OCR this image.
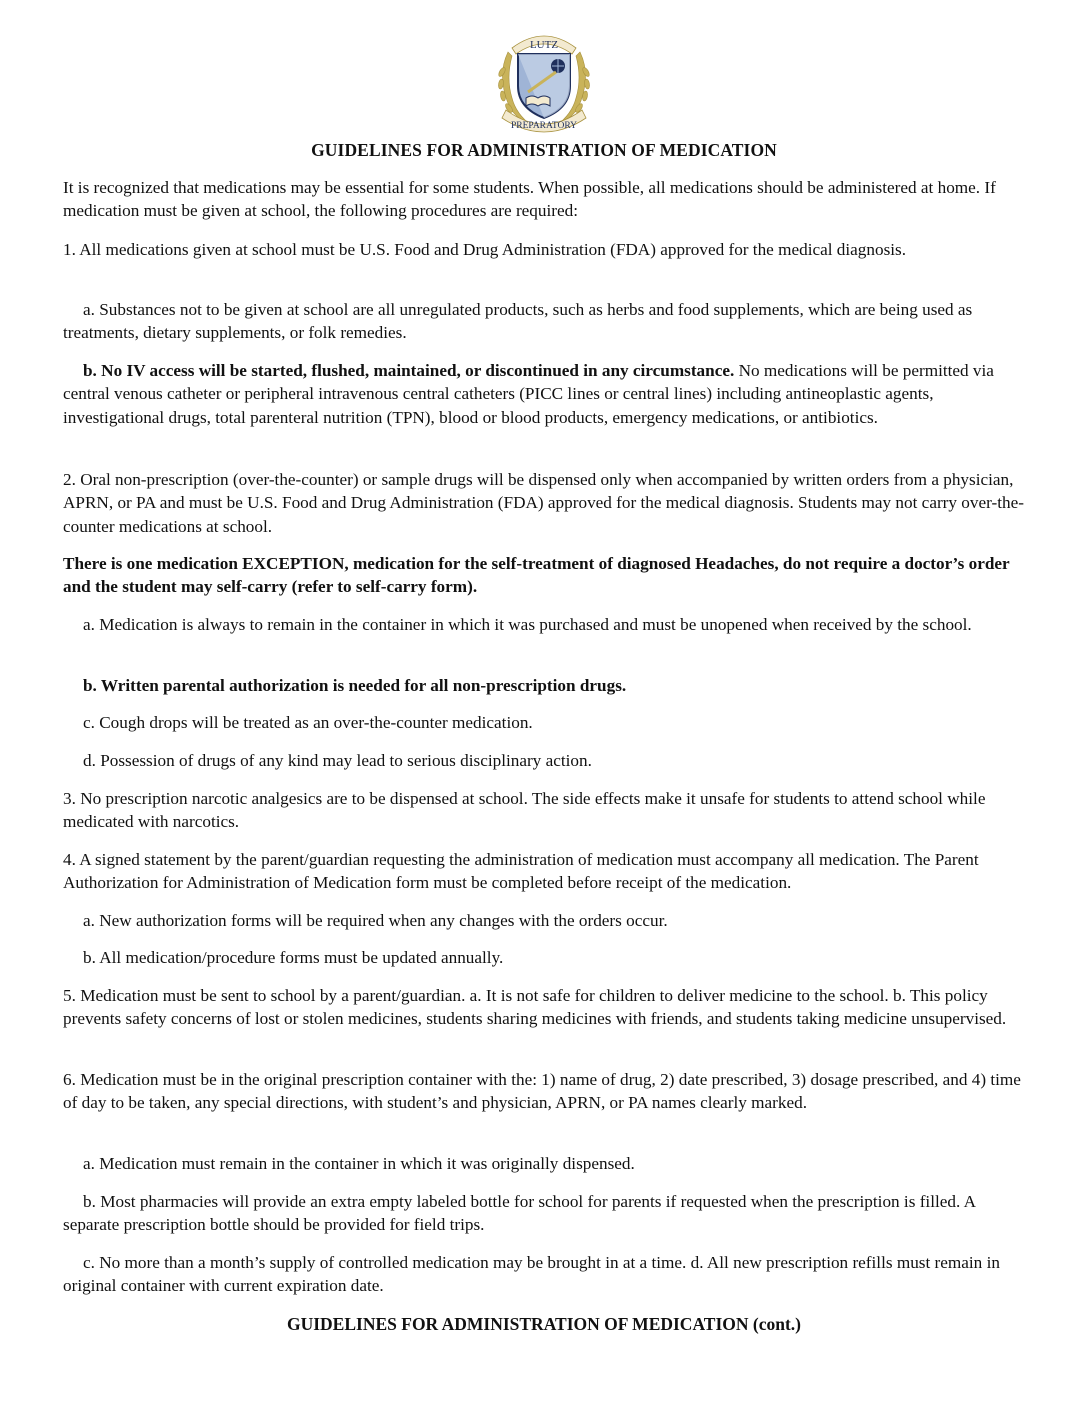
LUTZ
PREPARATORY
GUIDELINES FOR ADMINISTRATION OF MEDICATION

It is recognized that medications may be essential for some students. When possible, all medications should be administered at home. If medication must be given at school, the following procedures are required:

1. All medications given at school must be U.S. Food and Drug Administration (FDA) approved for the medical diagnosis.

a. Substances not to be given at school are all unregulated products, such as herbs and food supplements, which are being used as treatments, dietary supplements, or folk remedies.

b. No IV access will be started, flushed, maintained, or discontinued in any circumstance. No medications will be permitted via central venous catheter or peripheral intravenous central catheters (PICC lines or central lines) including antineoplastic agents, investigational drugs, total parenteral nutrition (TPN), blood or blood products, emergency medications, or antibiotics.

2. Oral non-prescription (over-the-counter) or sample drugs will be dispensed only when accompanied by written orders from a physician, APRN, or PA and must be U.S. Food and Drug Administration (FDA) approved for the medical diagnosis. Students may not carry over-the-counter medications at school.

There is one medication EXCEPTION, medication for the self-treatment of diagnosed Headaches, do not require a doctor’s order and the student may self-carry (refer to self-carry form).

a. Medication is always to remain in the container in which it was purchased and must be unopened when received by the school.

b. Written parental authorization is needed for all non-prescription drugs.

c. Cough drops will be treated as an over-the-counter medication.

d. Possession of drugs of any kind may lead to serious disciplinary action.

3. No prescription narcotic analgesics are to be dispensed at school. The side effects make it unsafe for students to attend school while medicated with narcotics.

4. A signed statement by the parent/guardian requesting the administration of medication must accompany all medication. The Parent Authorization for Administration of Medication form must be completed before receipt of the medication.

a. New authorization forms will be required when any changes with the orders occur.

b. All medication/procedure forms must be updated annually.

5. Medication must be sent to school by a parent/guardian. a. It is not safe for children to deliver medicine to the school. b. This policy prevents safety concerns of lost or stolen medicines, students sharing medicines with friends, and students taking medicine unsupervised.

6. Medication must be in the original prescription container with the: 1) name of drug, 2) date prescribed, 3) dosage prescribed, and 4) time of day to be taken, any special directions, with student’s and physician, APRN, or PA names clearly marked.

a. Medication must remain in the container in which it was originally dispensed.

b. Most pharmacies will provide an extra empty labeled bottle for school for parents if requested when the prescription is filled. A separate prescription bottle should be provided for field trips.

c. No more than a month’s supply of controlled medication may be brought in at a time. d. All new prescription refills must remain in original container with current expiration date.

GUIDELINES FOR ADMINISTRATION OF MEDICATION (cont.)
